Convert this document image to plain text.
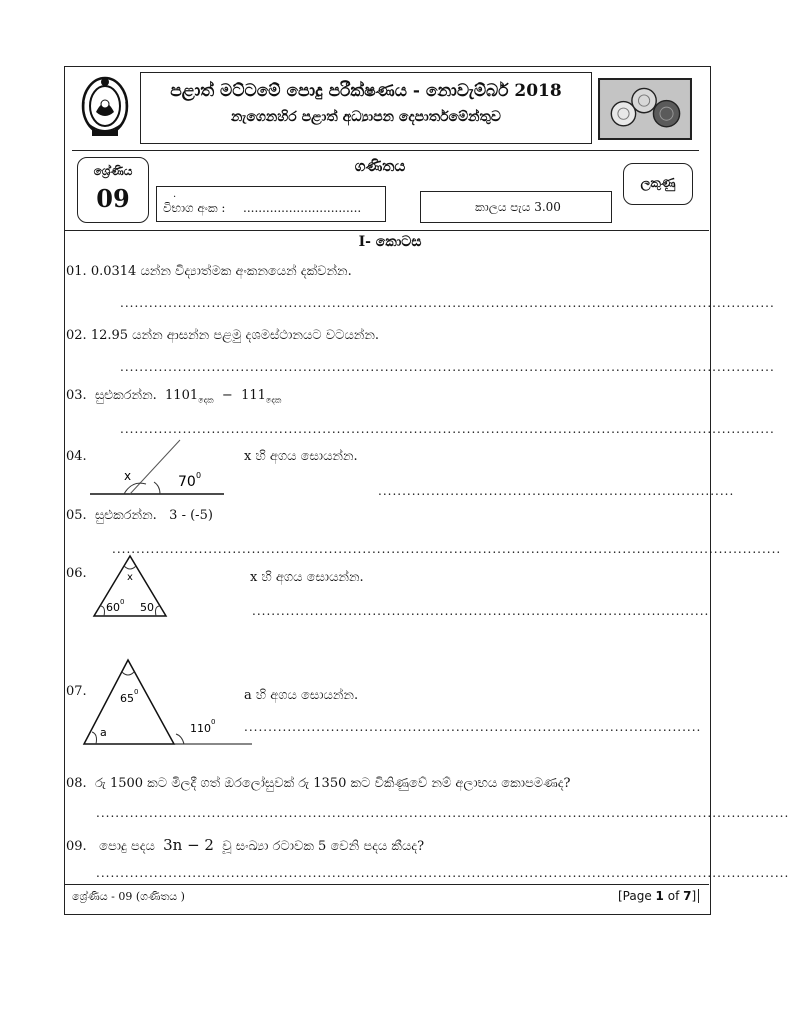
පළාත් මට්ටමේ පොදු පරීක්ෂණය - නොවැම්බර් 2018
නැගෙනහිර පළාත් අධ්‍යාපන දෙපාර්තමේන්තුව
ශ්‍රේණිය
09
ගණිතය
.
විභාග අංක : ...............................	කාලය පැය 3.00
ලකුණු
I- කොටස
01. 0.0314 යන්න විද්‍යාත්මක අංකනයෙන් දක්වන්න.
........................................................................................................................................
02. 12.95 යන්න ආසන්න පළමු දශමස්ථානයට වටයන්න.
........................................................................................................................................
03. සුළුකරන්න. $1101_{දෙක} - 111_{දෙක}$
........................................................................................................................................
04.
x	70 0
x හි අගය සොයන්න.
..........................................................................
05. සුළුකරන්න. 3 - (-5)
...........................................................................................................................................
06.	x
60 0 50
x හි අගය සොයන්න.
...............................................................................................
07.	65 0
a	110 0
a හි අගය සොයන්න.
...............................................................................................
08. රු 1500 කට මිලදී ගත් ඔරලෝසුවක් රු 1350 කට විකිණුවේ නම් අලාභය කොපමණද?
................................................................................................................................................
09. පොදු පදය 3n − 2 වූ සංඛ්‍යා රටාවක 5 වෙනි පදය කීයද?
................................................................................................................................................
ශ්‍රේණිය - 09 (ගණිතය )	[Page 1 of 7]
